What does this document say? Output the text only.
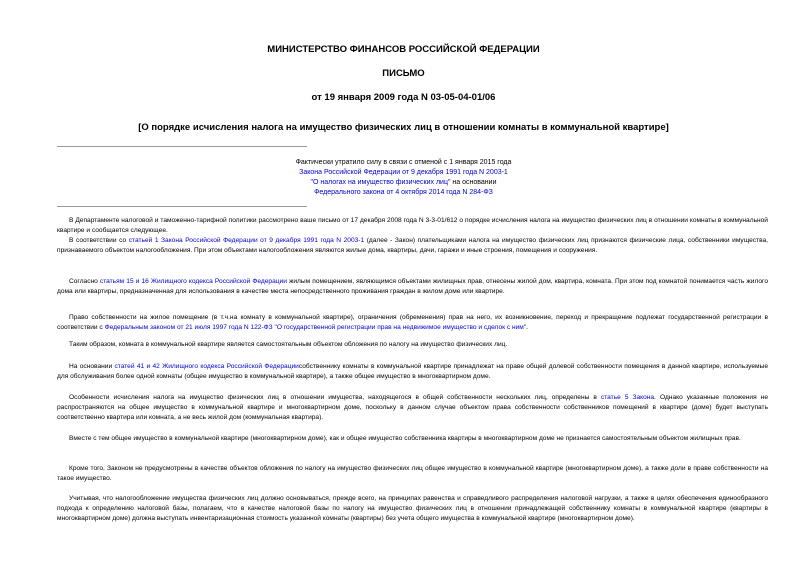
МИНИСТЕРСТВО ФИНАНСОВ РОССИЙСКОЙ ФЕДЕРАЦИИ
ПИСЬМО
от 19 января 2009 года N 03-05-04-01/06
[О порядке исчисления налога на имущество физических лиц в отношении комнаты в коммунальной квартире]
Фактически утратило силу в связи с отменой с 1 января 2015 года
Закона Российской Федерации от 9 декабря 1991 года N 2003-1
"О налогах на имущество физических лиц" на основании
Федерального закона от 4 октября 2014 года N 284-ФЗ
В Департаменте налоговой и таможенно-тарифной политики рассмотрено ваше письмо от 17 декабря 2008 года N 3-3-01/612 о порядке исчисления налога на имущество физических лиц в отношении комнаты в коммунальной квартире и сообщается следующее.
В соответствии со статьей 1 Закона Российской Федерации от 9 декабря 1991 года N 2003-1 (далее - Закон) плательщиками налога на имущество физических лиц признаются физические лица, собственники имущества, признаваемого объектом налогообложения. При этом объектами налогообложения являются жилые дома, квартиры, дачи, гаражи и иные строения, помещения и сооружения.
Согласно статьям 15 и 16 Жилищного кодекса Российской Федерации жилым помещением, являющимся объектами жилищных прав, отнесены жилой дом, квартира, комната. При этом под комнатой понимается часть жилого дома или квартиры, предназначенная для использования в качестве места непосредственного проживания граждан в жилом доме или квартире.
Право собственности на жилое помещение (в т.ч.на комнату в коммунальной квартире), ограничения (обременения) прав на него, их возникновение, переход и прекращение подлежат государственной регистрации в соответствии с Федеральным законом от 21 июля 1997 года N 122-ФЗ "О государственной регистрации прав на недвижимое имущество и сделок с ним".
Таким образом, комната в коммунальной квартире является самостоятельным объектом обложения по налогу на имущество физических лиц.
На основании статей 41 и 42 Жилищного кодекса Российской Федерациисобственнику комнаты в коммунальной квартире принадлежат на праве общей долевой собственности помещения в данной квартире, используемые для обслуживания более одной комнаты (общее имущество в коммунальной квартире), а также общее имущество в многоквартирном доме.
Особенности исчисления налога на имущество физических лиц в отношении имущества, находящегося в общей собственности нескольких лиц, определены в статье 5 Закона. Однако указанные положения не распространяются на общее имущество в коммунальной квартире и многоквартирном доме, поскольку в данном случае объектом права собственности собственников помещений в квартире (доме) будет выступать соответственно квартира или комната, а не весь жилой дом (коммунальная квартира).
Вместе с тем общее имущество в коммунальной квартире (многоквартирном доме), как и общее имущество собственника квартиры в многоквартирном доме не признается самостоятельным объектом жилищных прав.
Кроме того, Законом не предусмотрены в качестве объектов обложения по налогу на имущество физических лиц общее имущество в коммунальной квартире (многоквартирном доме), а также доли в праве собственности на такое имущество.
Учитывая, что налогообложение имущества физических лиц должно основываться, прежде всего, на принципах равенства и справедливого распределения налоговой нагрузки, а также в целях обеспечения единообразного подхода к определению налоговой базы, полагаем, что в качестве налоговой базы по налогу на имущество физических лиц в отношении принадлежащей собственнику комнаты в коммунальной квартире (квартиры в многоквартирном доме) должна выступать инвентаризационная стоимость указанной комнаты (квартиры) без учета общего имущества в коммунальной квартире (многоквартирном доме).
